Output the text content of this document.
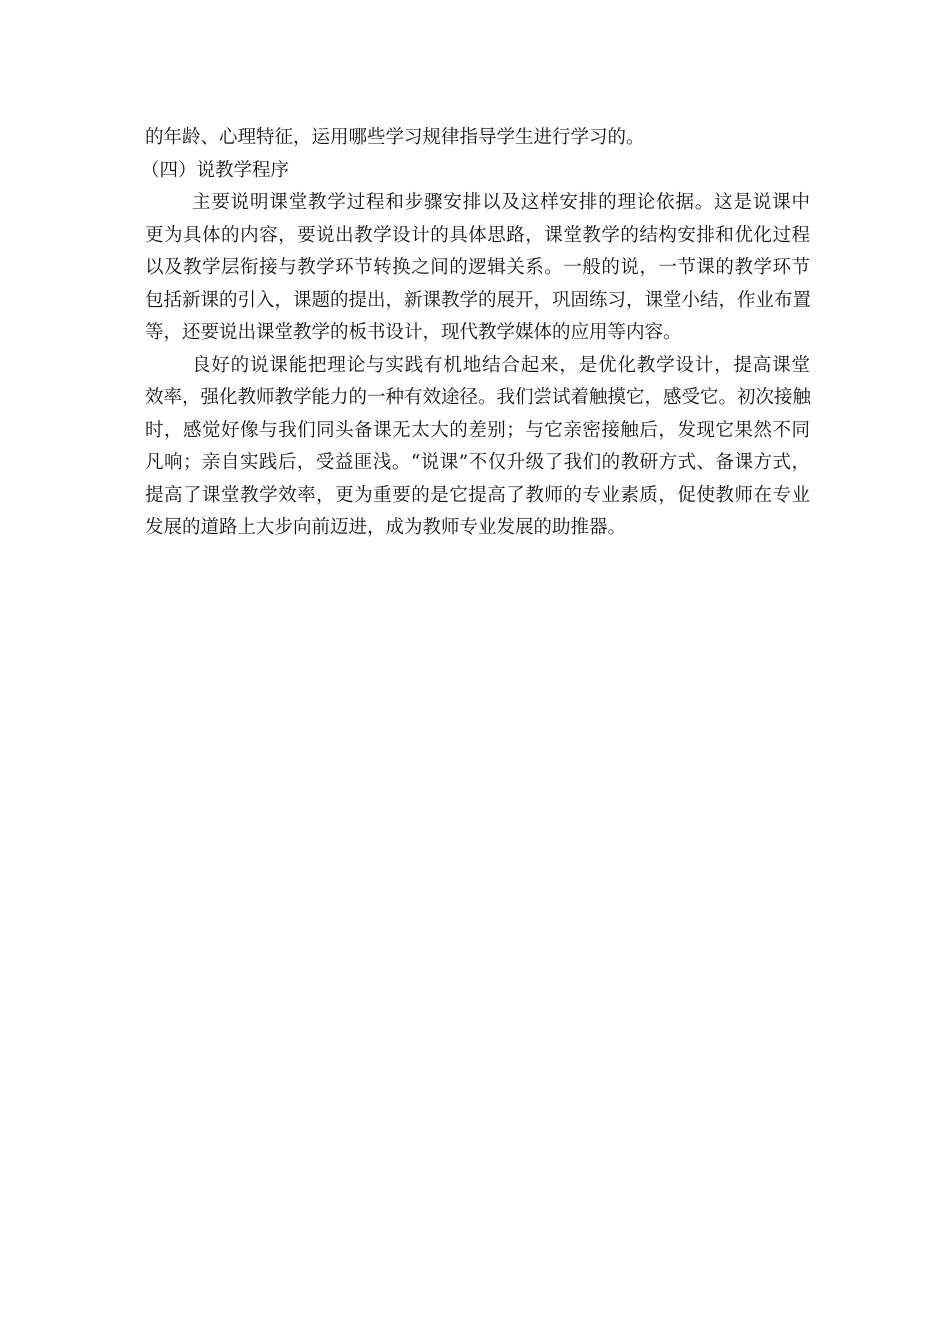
的年龄、心理特征，运用哪些学习规律指导学生进行学习的。
（四）说教学程序
主要说明课堂教学过程和步骤安排以及这样安排的理论依据。这是说课中
更为具体的内容，要说出教学设计的具体思路，课堂教学的结构安排和优化过程
以及教学层衔接与教学环节转换之间的逻辑关系。一般的说，一节课的教学环节
包括新课的引入，课题的提出，新课教学的展开，巩固练习，课堂小结，作业布置
等，还要说出课堂教学的板书设计，现代教学媒体的应用等内容。
良好的说课能把理论与实践有机地结合起来，是优化教学设计，提高课堂
效率，强化教师教学能力的一种有效途径。我们尝试着触摸它，感受它。初次接触
时，感觉好像与我们同头备课无太大的差别；与它亲密接触后，发现它果然不同
凡响；亲自实践后，受益匪浅。“说课”不仅升级了我们的教研方式、备课方式，
提高了课堂教学效率，更为重要的是它提高了教师的专业素质，促使教师在专业
发展的道路上大步向前迈进，成为教师专业发展的助推器。
